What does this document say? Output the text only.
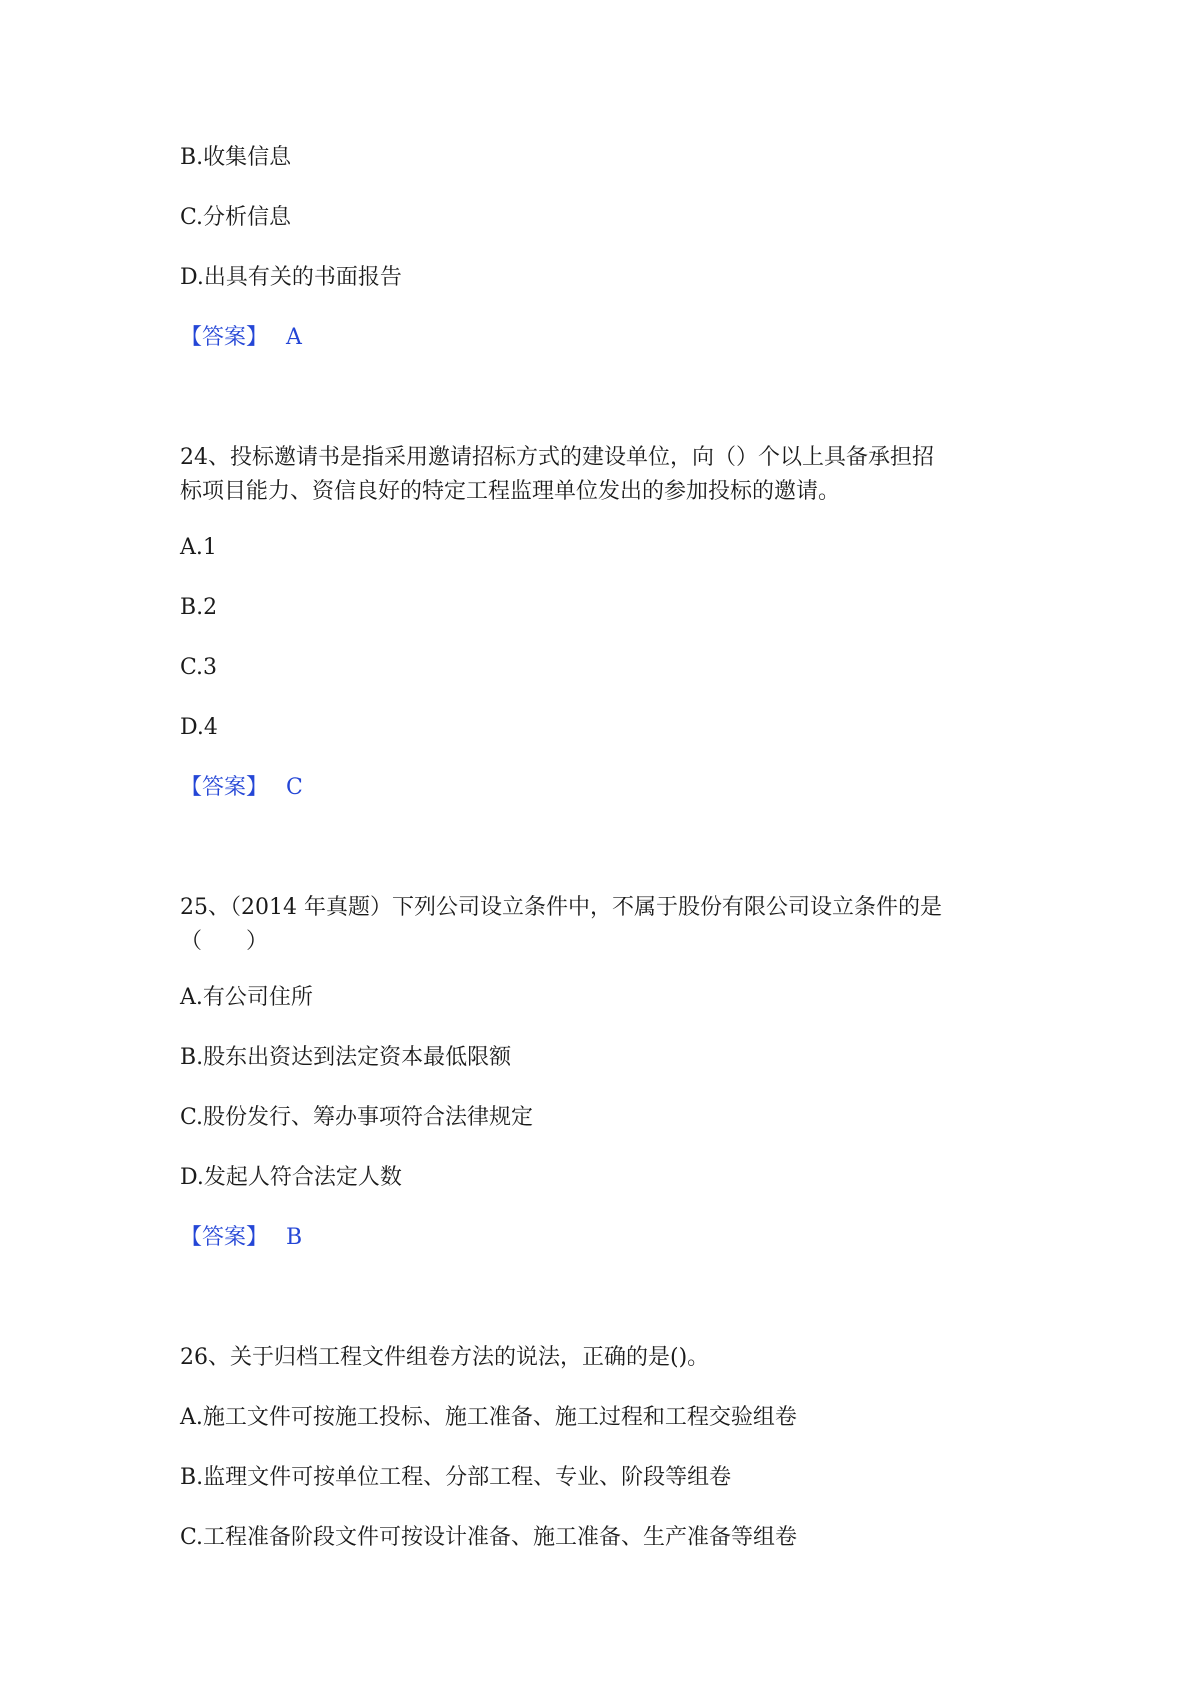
B.收集信息
C.分析信息
D.出具有关的书面报告
【答案】 A
24、投标邀请书是指采用邀请招标方式的建设单位，向（）个以上具备承担招
标项目能力、资信良好的特定工程监理单位发出的参加投标的邀请。
A.1
B.2
C.3
D.4
【答案】 C
25、（2014 年真题）下列公司设立条件中，不属于股份有限公司设立条件的是
（　　）
A.有公司住所
B.股东出资达到法定资本最低限额
C.股份发行、筹办事项符合法律规定
D.发起人符合法定人数
【答案】 B
26、关于归档工程文件组卷方法的说法，正确的是()。
A.施工文件可按施工投标、施工准备、施工过程和工程交验组卷
B.监理文件可按单位工程、分部工程、专业、阶段等组卷
C.工程准备阶段文件可按设计准备、施工准备、生产准备等组卷
